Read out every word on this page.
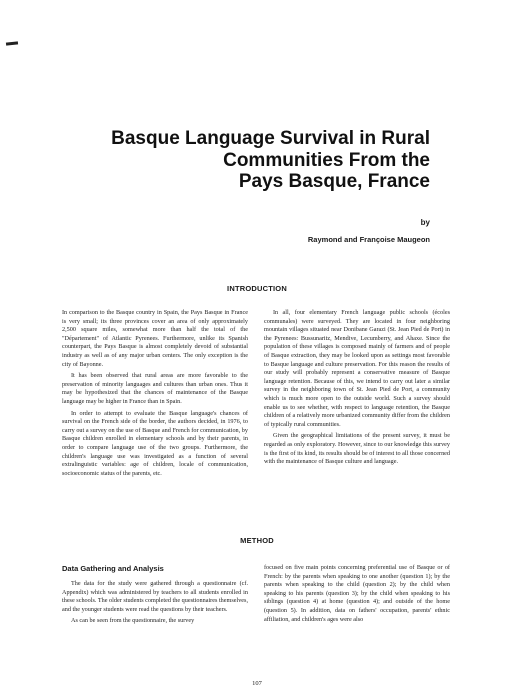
Basque Language Survival in Rural
Communities From the
Pays Basque, France
by
Raymond and Françoise Maugeon
INTRODUCTION

In comparison to the Basque country in Spain, the Pays Basque in France is very small; its three provinces cover an area of only approximately 2,500 square miles, somewhat more than half the total of the "Département" of Atlantic Pyrenees. Furthermore, unlike its Spanish counterpart, the Pays Basque is almost completely devoid of substantial industry as well as of any major urban centers. The only exception is the city of Bayonne.

It has been observed that rural areas are more favorable to the preservation of minority languages and cultures than urban ones. Thus it may be hypothesized that the chances of maintenance of the Basque language may be higher in France than in Spain.

In order to attempt to evaluate the Basque language's chances of survival on the French side of the border, the authors decided, in 1976, to carry out a survey on the use of Basque and French for communication, by Basque children enrolled in elementary schools and by their parents, in order to compare language use of the two groups. Furthermore, the children's language use was investigated as a function of several extralinguistic variables: age of children, locale of communication, socioeconomic status of the parents, etc.

In all, four elementary French language public schools (écoles communales) were surveyed. They are located in four neighboring mountain villages situated near Donibane Garazi (St. Jean Pied de Port) in the Pyrenees: Bussunaritz, Mendive, Lecumberry, and Ahaxe. Since the population of these villages is composed mainly of farmers and of people of Basque extraction, they may be looked upon as settings most favorable to Basque language and culture preservation. For this reason the results of our study will probably represent a conservative measure of Basque language retention. Because of this, we intend to carry out later a similar survey in the neighboring town of St. Jean Pied de Port, a community which is much more open to the outside world. Such a survey should enable us to see whether, with respect to language retention, the Basque children of a relatively more urbanized community differ from the children of typically rural communities.

Given the geographical limitations of the present survey, it must be regarded as only exploratory. However, since to our knowledge this survey is the first of its kind, its results should be of interest to all those concerned with the maintenance of Basque culture and language.

METHOD
Data Gathering and Analysis

The data for the study were gathered through a questionnaire (cf. Appendix) which was administered by teachers to all students enrolled in these schools. The older students completed the questionnaires themselves, and the younger students were read the questions by their teachers.

As can be seen from the questionnaire, the survey

focused on five main points concerning preferential use of Basque or of French: by the parents when speaking to one another (question 1); by the parents when speaking to the child (question 2); by the child when speaking to his parents (question 3); by the child when speaking to his siblings (question 4) at home (question 4); and outside of the home (question 5). In addition, data on fathers' occupation, parents' ethnic affiliation, and children's ages were also

107
